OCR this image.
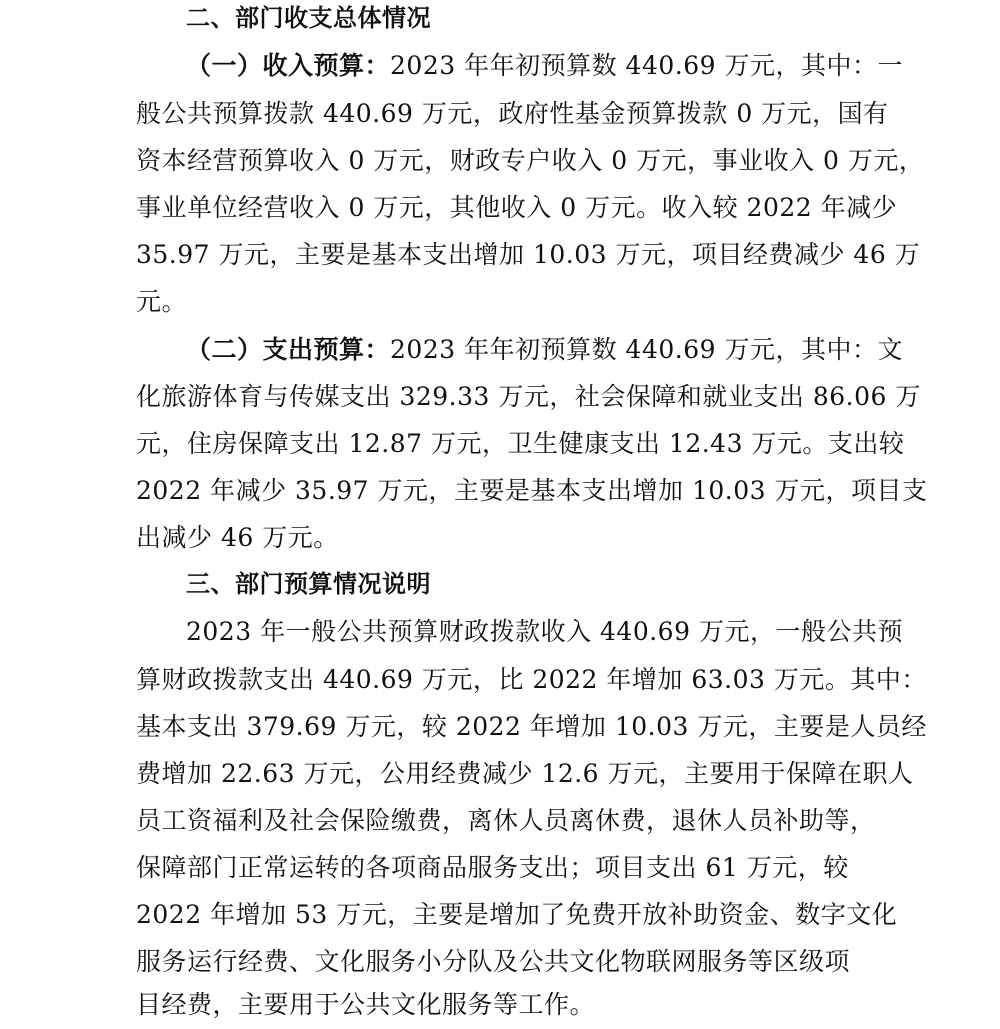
二、部门收支总体情况
（一）收入预算：2023 年年初预算数 440.69 万元，其中：一
般公共预算拨款 440.69 万元，政府性基金预算拨款 0 万元，国有
资本经营预算收入 0 万元，财政专户收入 0 万元，事业收入 0 万元，
事业单位经营收入 0 万元，其他收入 0 万元。收入较 2022 年减少
35.97 万元，主要是基本支出增加 10.03 万元，项目经费减少 46 万
元。
（二）支出预算：2023 年年初预算数 440.69 万元，其中：文
化旅游体育与传媒支出 329.33 万元，社会保障和就业支出 86.06 万
元，住房保障支出 12.87 万元，卫生健康支出 12.43 万元。支出较
2022 年减少 35.97 万元，主要是基本支出增加 10.03 万元，项目支
出减少 46 万元。
三、部门预算情况说明
2023 年一般公共预算财政拨款收入 440.69 万元，一般公共预
算财政拨款支出 440.69 万元，比 2022 年增加 63.03 万元。其中：
基本支出 379.69 万元，较 2022 年增加 10.03 万元，主要是人员经
费增加 22.63 万元，公用经费减少 12.6 万元，主要用于保障在职人
员工资福利及社会保险缴费，离休人员离休费，退休人员补助等，
保障部门正常运转的各项商品服务支出；项目支出 61 万元，较
2022 年增加 53 万元，主要是增加了免费开放补助资金、数字文化
服务运行经费、文化服务小分队及公共文化物联网服务等区级项
目经费，主要用于公共文化服务等工作。
